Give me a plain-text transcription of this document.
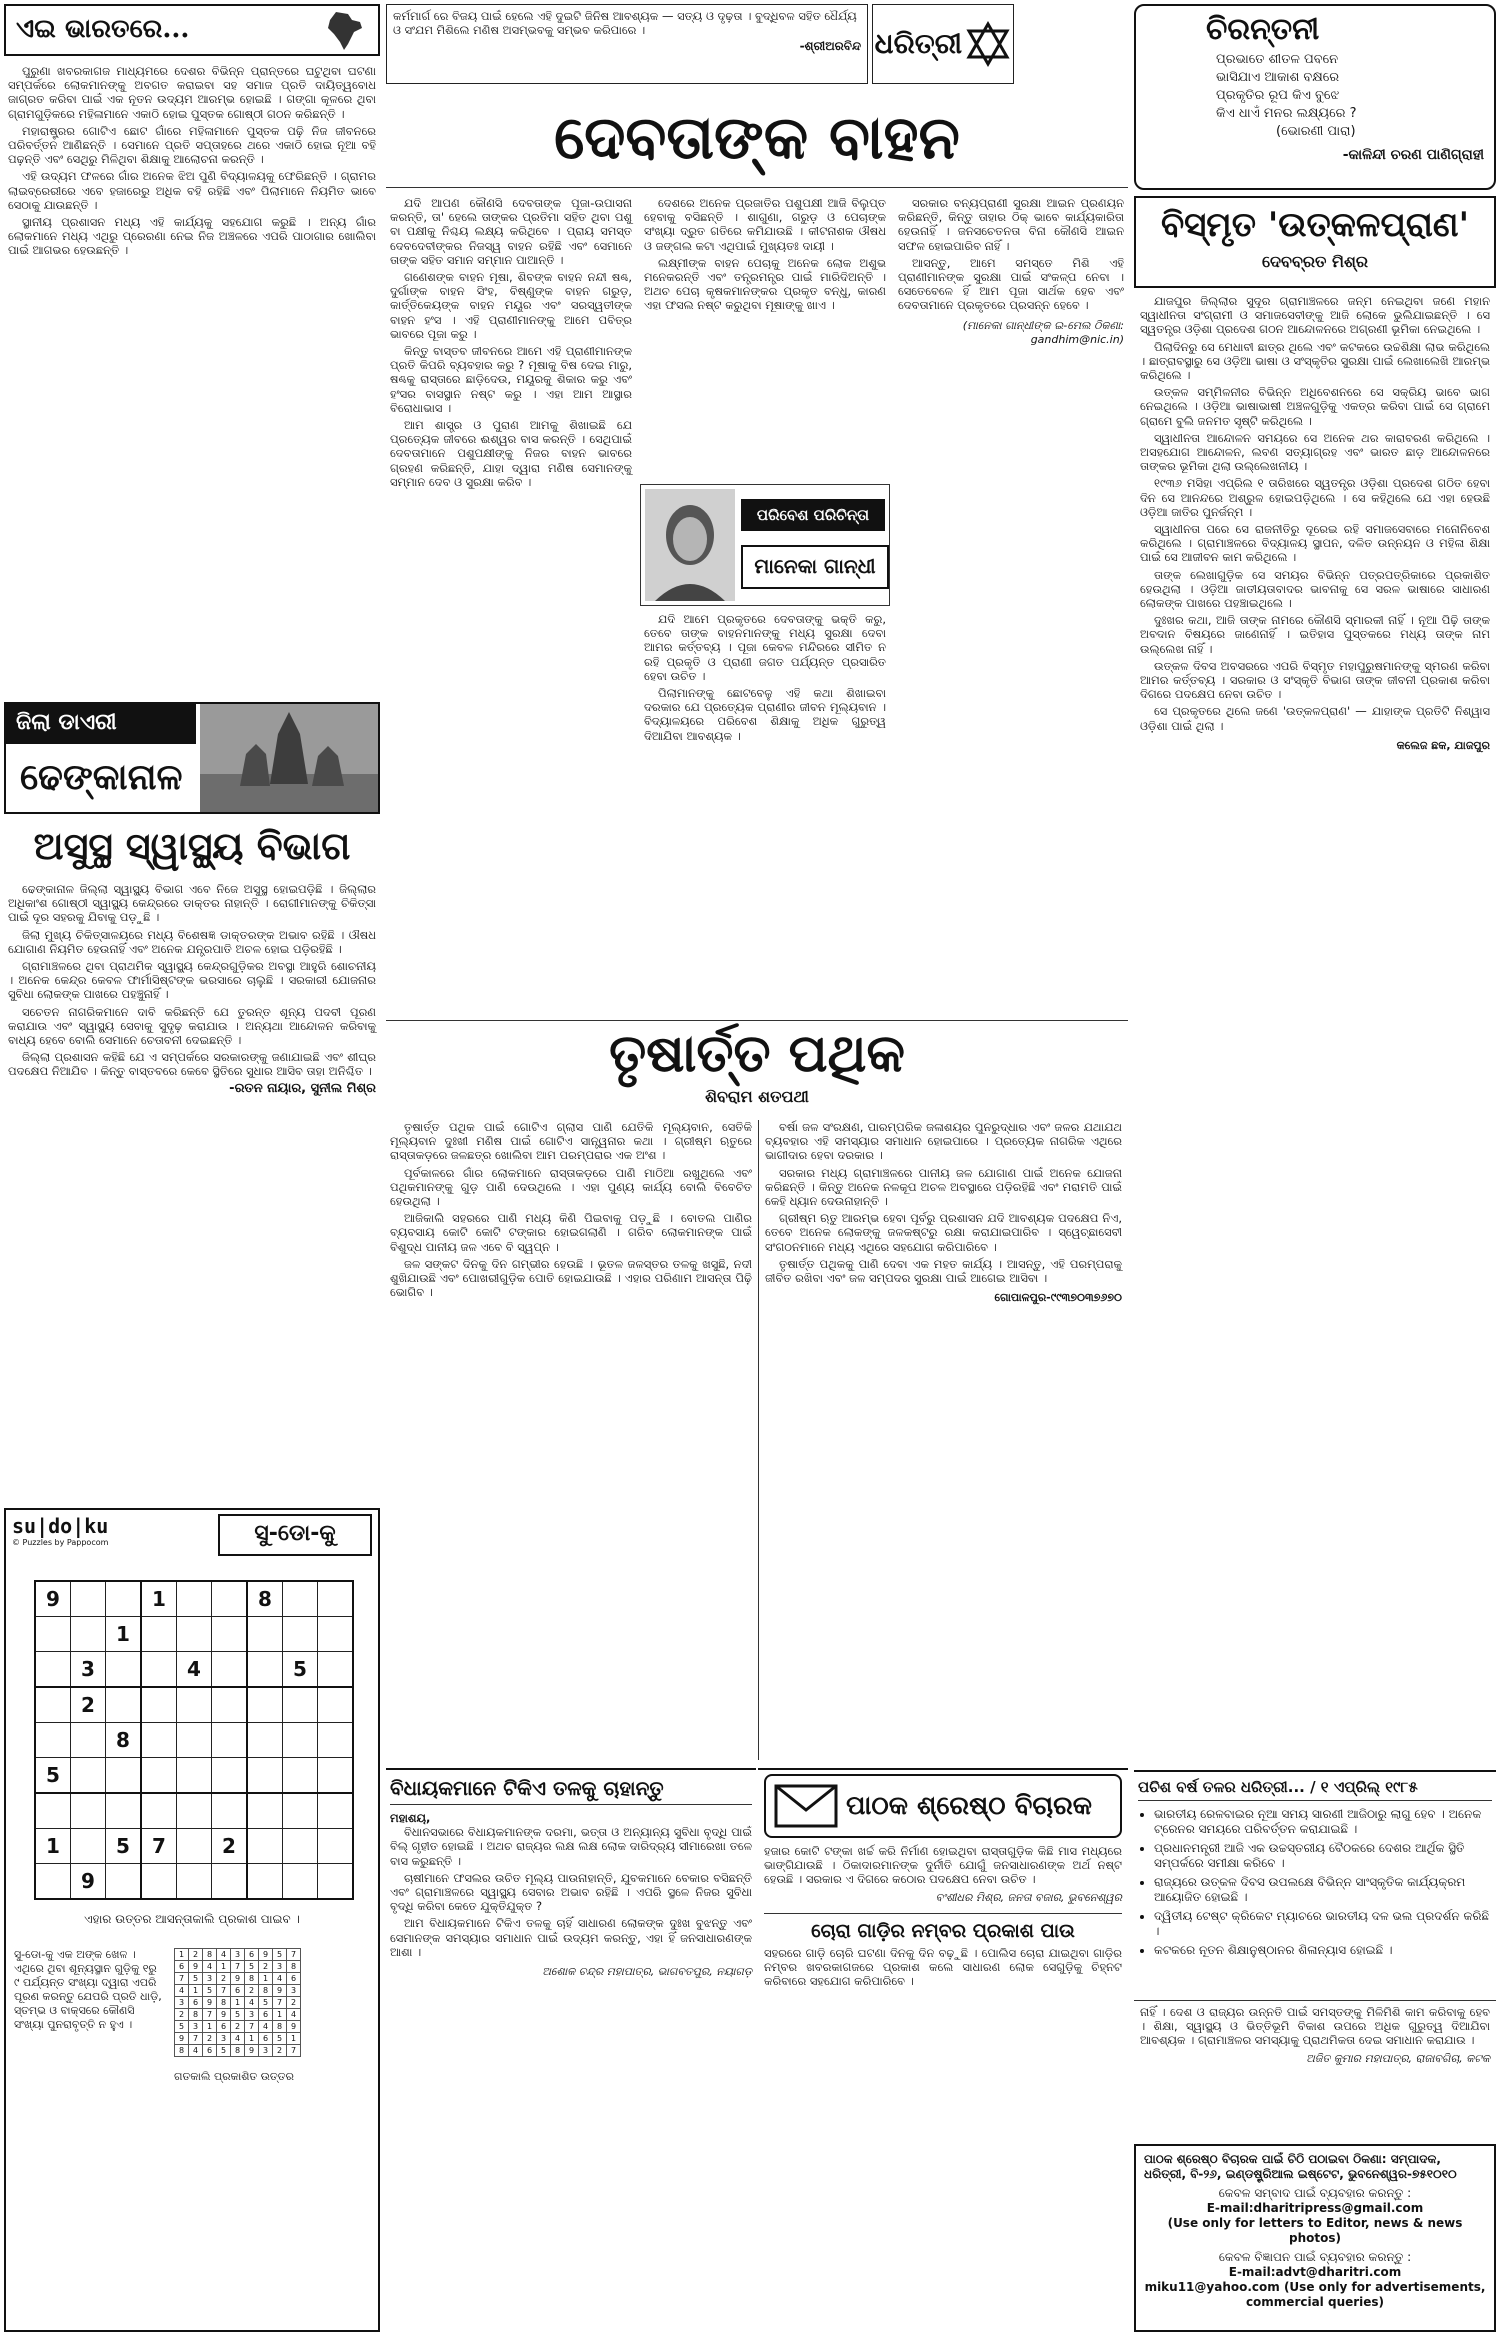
ଏଇ ଭାରତରେ...	କର୍ମମାର୍ଗ ରେ ବିଜୟ ପାଇଁ ହେଲେ ଏହି ଦୁଇଟି ଜିନିଷ ଆବଶ୍ୟକ — ସତ୍ୟ ଓ ଦୃଢ଼ତା । ବୁଦ୍ଧିବଳ ସହିତ ଧୈର୍ଯ୍ୟ ଓ ସଂଯମ ମିଶିଲେ ମଣିଷ ଅସମ୍ଭବକୁ ସମ୍ଭବ କରିପାରେ ।
-ଶ୍ରୀଅରବିନ୍ଦ ଧରିତ୍ରୀ	ଚିରନ୍ତନୀ
ପ୍ରଭାତେ ଶୀତଳ ପବନେ
ଭାସିଯାଏ ଆକାଶ ବକ୍ଷରେ
ପ୍ରକୃତିର ରୂପ କିଏ ବୁଝେ
କିଏ ଧାଏଁ ମନର ଲକ୍ଷ୍ୟରେ ?
(ଭୋରଣୀ ପାରା)
-କାଳିନ୍ଦୀ ଚରଣ ପାଣିଗ୍ରାହୀ

ପୁରୁଣା ଖବରକାଗଜ ମାଧ୍ୟମରେ ଦେଶର ବିଭିନ୍ନ ପ୍ରାନ୍ତରେ ଘଟୁଥିବା ଘଟଣା ସମ୍ପର୍କରେ ଲୋକମାନଙ୍କୁ ଅବଗତ କରାଇବା ସହ ସମାଜ ପ୍ରତି ଦାୟିତ୍ୱବୋଧ ଜାଗ୍ରତ କରିବା ପାଇଁ ଏକ ନୂତନ ଉଦ୍ୟମ ଆରମ୍ଭ ହୋଇଛି । ଗଙ୍ଗା କୂଳରେ ଥିବା ଗ୍ରାମଗୁଡ଼ିକରେ ମହିଳାମାନେ ଏକାଠି ହୋଇ ପୁସ୍ତକ ଗୋଷ୍ଠୀ ଗଠନ କରିଛନ୍ତି ।

ମହାରାଷ୍ଟ୍ରର ଗୋଟିଏ ଛୋଟ ଗାଁରେ ମହିଳାମାନେ ପୁସ୍ତକ ପଢ଼ି ନିଜ ଜୀବନରେ ପରିବର୍ତ୍ତନ ଆଣିଛନ୍ତି । ସେମାନେ ପ୍ରତି ସପ୍ତାହରେ ଥରେ ଏକାଠି ହୋଇ ନୂଆ ବହି ପଢ଼ନ୍ତି ଏବଂ ସେଥିରୁ ମିଳିଥିବା ଶିକ୍ଷାକୁ ଆଲୋଚନା କରନ୍ତି ।

ଏହି ଉଦ୍ୟମ ଫଳରେ ଗାଁର ଅନେକ ଝିଅ ପୁଣି ବିଦ୍ୟାଳୟକୁ ଫେରିଛନ୍ତି । ଗ୍ରାମର ଲାଇବ୍ରେରୀରେ ଏବେ ହଜାରେରୁ ଅଧିକ ବହି ରହିଛି ଏବଂ ପିଲାମାନେ ନିୟମିତ ଭାବେ ସେଠାକୁ ଯାଉଛନ୍ତି ।

ସ୍ଥାନୀୟ ପ୍ରଶାସନ ମଧ୍ୟ ଏହି କାର୍ଯ୍ୟକୁ ସହଯୋଗ କରୁଛି । ଅନ୍ୟ ଗାଁର ଲୋକମାନେ ମଧ୍ୟ ଏଥିରୁ ପ୍ରେରଣା ନେଇ ନିଜ ଅଞ୍ଚଳରେ ଏପରି ପାଠାଗାର ଖୋଲିବା ପାଇଁ ଆଗଭର ହେଉଛନ୍ତି ।

ଜିଲା ଡାଏରୀ
ଢେଙ୍କାନାଳ
ଅସୁସ୍ଥ ସ୍ୱାସ୍ଥ୍ୟ ବିଭାଗ

ଢେଙ୍କାନାଳ ଜିଲ୍ଲା ସ୍ୱାସ୍ଥ୍ୟ ବିଭାଗ ଏବେ ନିଜେ ଅସୁସ୍ଥ ହୋଇପଡ଼ିଛି । ଜିଲ୍ଲାର ଅଧିକାଂଶ ଗୋଷ୍ଠୀ ସ୍ୱାସ୍ଥ୍ୟ କେନ୍ଦ୍ରରେ ଡାକ୍ତର ନାହାନ୍ତି । ରୋଗୀମାନଙ୍କୁ ଚିକିତ୍ସା ପାଇଁ ଦୂର ସହରକୁ ଯିବାକୁ ପଡ଼ୁଛି ।

ଜିଲା ମୁଖ୍ୟ ଚିକିତ୍ସାଳୟରେ ମଧ୍ୟ ବିଶେଷଜ୍ଞ ଡାକ୍ତରଙ୍କ ଅଭାବ ରହିଛି । ଔଷଧ ଯୋଗାଣ ନିୟମିତ ହେଉନାହିଁ ଏବଂ ଅନେକ ଯନ୍ତ୍ରପାତି ଅଚଳ ହୋଇ ପଡ଼ିରହିଛି ।

ଗ୍ରାମାଞ୍ଚଳରେ ଥିବା ପ୍ରାଥମିକ ସ୍ୱାସ୍ଥ୍ୟ କେନ୍ଦ୍ରଗୁଡ଼ିକର ଅବସ୍ଥା ଆହୁରି ଶୋଚନୀୟ । ଅନେକ କେନ୍ଦ୍ର କେବଳ ଫାର୍ମାସିଷ୍ଟଙ୍କ ଭରସାରେ ଚାଲୁଛି । ସରକାରୀ ଯୋଜନାର ସୁବିଧା ଲୋକଙ୍କ ପାଖରେ ପହଞ୍ଚୁନାହିଁ ।

ସଚେତନ ନାଗରିକମାନେ ଦାବି କରିଛନ୍ତି ଯେ ତୁରନ୍ତ ଶୂନ୍ୟ ପଦବୀ ପୂରଣ କରାଯାଉ ଏବଂ ସ୍ୱାସ୍ଥ୍ୟ ସେବାକୁ ସୁଦୃଢ଼ କରାଯାଉ । ଅନ୍ୟଥା ଆନ୍ଦୋଳନ କରିବାକୁ ବାଧ୍ୟ ହେବେ ବୋଲି ସେମାନେ ଚେତାବନୀ ଦେଇଛନ୍ତି ।

ଜିଲ୍ଲା ପ୍ରଶାସନ କହିଛି ଯେ ଏ ସମ୍ପର୍କରେ ସରକାରଙ୍କୁ ଜଣାଯାଇଛି ଏବଂ ଶୀଘ୍ର ପଦକ୍ଷେପ ନିଆଯିବ । କିନ୍ତୁ ବାସ୍ତବରେ କେବେ ସ୍ଥିତିରେ ସୁଧାର ଆସିବ ତାହା ଅନିଶ୍ଚିତ ।

-ରତନ ନାୟାର, ସୁନୀଲ ମିଶ୍ର
su|do|ku
© Puzzles by Pappocom	ସୁ-ଡୋ-କୁ
9			1			8		
		1						
	3			4			5	
	2							
		8						
5								

1		5	7		2			
	9							
ଏହାର ଉତ୍ତର ଆସନ୍ତାକାଲି ପ୍ରକାଶ ପାଇବ ।
ସୁ-ଡୋ-କୁ ଏକ ଅଙ୍କ ଖେଳ । ଏଥିରେ ଥିବା ଶୂନ୍ୟସ୍ଥାନ ଗୁଡ଼ିକୁ ୧ରୁ ୯ ପର୍ଯ୍ୟନ୍ତ ସଂଖ୍ୟା ଦ୍ୱାରା ଏପରି ପୂରଣ କରନ୍ତୁ ଯେପରି ପ୍ରତି ଧାଡ଼ି, ସ୍ତମ୍ଭ ଓ ବାକ୍ସରେ କୌଣସି ସଂଖ୍ୟା ପୁନରାବୃତ୍ତି ନ ହୁଏ ।
1	2	8	4	3	6	9	5	7
6	9	4	1	7	5	2	3	8
7	5	3	2	9	8	1	4	6
4	1	5	7	6	2	8	9	3
3	6	9	8	1	4	5	7	2
2	8	7	9	5	3	6	1	4
5	3	1	6	2	7	4	8	9
9	7	2	3	4	1	6	5	1
8	4	6	5	8	9	3	2	7
ଗତକାଲି ପ୍ରକାଶିତ ଉତ୍ତର
ଦେବତାଙ୍କ ବାହନ

ଯଦି ଆପଣ କୌଣସି ଦେବତାଙ୍କ ପୂଜା-ଉପାସନା କରନ୍ତି, ତା' ହେଲେ ତାଙ୍କର ପ୍ରତିମା ସହିତ ଥିବା ପଶୁ ବା ପକ୍ଷୀକୁ ନିଶ୍ଚୟ ଲକ୍ଷ୍ୟ କରିଥିବେ । ପ୍ରାୟ ସମସ୍ତ ଦେବଦେବୀଙ୍କର ନିଜସ୍ୱ ବାହନ ରହିଛି ଏବଂ ସେମାନେ ତାଙ୍କ ସହିତ ସମାନ ସମ୍ମାନ ପାଆନ୍ତି ।

ଗଣେଶଙ୍କ ବାହନ ମୂଷା, ଶିବଙ୍କ ବାହନ ନନ୍ଦୀ ଷଣ୍ଢ, ଦୁର୍ଗାଙ୍କ ବାହନ ସିଂହ, ବିଷ୍ଣୁଙ୍କ ବାହନ ଗରୁଡ଼, କାର୍ତ୍ତିକେୟଙ୍କ ବାହନ ମୟୂର ଏବଂ ସରସ୍ୱତୀଙ୍କ ବାହନ ହଂସ । ଏହି ପ୍ରାଣୀମାନଙ୍କୁ ଆମେ ପବିତ୍ର ଭାବରେ ପୂଜା କରୁ ।

କିନ୍ତୁ ବାସ୍ତବ ଜୀବନରେ ଆମେ ଏହି ପ୍ରାଣୀମାନଙ୍କ ପ୍ରତି କିପରି ବ୍ୟବହାର କରୁ ? ମୂଷାକୁ ବିଷ ଦେଇ ମାରୁ, ଷଣ୍ଢକୁ ରାସ୍ତାରେ ଛାଡ଼ିଦେଉ, ମୟୂରକୁ ଶିକାର କରୁ ଏବଂ ହଂସର ବାସସ୍ଥାନ ନଷ୍ଟ କରୁ । ଏହା ଆମ ଆସ୍ଥାର ବିରୋଧାଭାସ ।

ଆମ ଶାସ୍ତ୍ର ଓ ପୁରାଣ ଆମକୁ ଶିଖାଇଛି ଯେ ପ୍ରତ୍ୟେକ ଜୀବରେ ଈଶ୍ୱର ବାସ କରନ୍ତି । ସେଥିପାଇଁ ଦେବତାମାନେ ପଶୁପକ୍ଷୀଙ୍କୁ ନିଜର ବାହନ ଭାବରେ ଗ୍ରହଣ କରିଛନ୍ତି, ଯାହା ଦ୍ୱାରା ମଣିଷ ସେମାନଙ୍କୁ ସମ୍ମାନ ଦେବ ଓ ସୁରକ୍ଷା କରିବ ।

ପରିବେଶ ପରିଚିନ୍ତା
ମାନେକା ଗାନ୍ଧୀ

ଦେଶରେ ଅନେକ ପ୍ରଜାତିର ପଶୁପକ୍ଷୀ ଆଜି ବିଲୁପ୍ତ ହେବାକୁ ବସିଛନ୍ତି । ଶାଗୁଣା, ଗରୁଡ଼ ଓ ପେଚାଙ୍କ ସଂଖ୍ୟା ଦ୍ରୁତ ଗତିରେ କମିଯାଉଛି । କୀଟନାଶକ ଔଷଧ ଓ ଜଙ୍ଗଲ କଟା ଏଥିପାଇଁ ମୁଖ୍ୟତଃ ଦାୟୀ ।

ଲକ୍ଷ୍ମୀଙ୍କ ବାହନ ପେଚାକୁ ଅନେକ ଲୋକ ଅଶୁଭ ମନେକରନ୍ତି ଏବଂ ତନ୍ତ୍ରମନ୍ତ୍ର ପାଇଁ ମାରିଦିଅନ୍ତି । ଅଥଚ ପେଚା କୃଷକମାନଙ୍କର ପ୍ରକୃତ ବନ୍ଧୁ, କାରଣ ଏହା ଫସଲ ନଷ୍ଟ କରୁଥିବା ମୂଷାଙ୍କୁ ଖାଏ ।

ଯଦି ଆମେ ପ୍ରକୃତରେ ଦେବତାଙ୍କୁ ଭକ୍ତି କରୁ, ତେବେ ତାଙ୍କ ବାହନମାନଙ୍କୁ ମଧ୍ୟ ସୁରକ୍ଷା ଦେବା ଆମର କର୍ତ୍ତବ୍ୟ । ପୂଜା କେବଳ ମନ୍ଦିରରେ ସୀମିତ ନ ରହି ପ୍ରକୃତି ଓ ପ୍ରାଣୀ ଜଗତ ପର୍ଯ୍ୟନ୍ତ ପ୍ରସାରିତ ହେବା ଉଚିତ ।

ପିଲାମାନଙ୍କୁ ଛୋଟବେଳୁ ଏହି କଥା ଶିଖାଇବା ଦରକାର ଯେ ପ୍ରତ୍ୟେକ ପ୍ରାଣୀର ଜୀବନ ମୂଲ୍ୟବାନ । ବିଦ୍ୟାଳୟରେ ପରିବେଶ ଶିକ୍ଷାକୁ ଅଧିକ ଗୁରୁତ୍ୱ ଦିଆଯିବା ଆବଶ୍ୟକ ।

ସରକାର ବନ୍ୟପ୍ରାଣୀ ସୁରକ୍ଷା ଆଇନ ପ୍ରଣୟନ କରିଛନ୍ତି, କିନ୍ତୁ ତାହାର ଠିକ୍ ଭାବେ କାର୍ଯ୍ୟକାରିତା ହେଉନାହିଁ । ଜନସଚେତନତା ବିନା କୌଣସି ଆଇନ ସଫଳ ହୋଇପାରିବ ନାହିଁ ।

ଆସନ୍ତୁ, ଆମେ ସମସ୍ତେ ମିଶି ଏହି ପ୍ରାଣୀମାନଙ୍କ ସୁରକ୍ଷା ପାଇଁ ସଂକଳ୍ପ ନେବା । ସେତେବେଳେ ହିଁ ଆମ ପୂଜା ସାର୍ଥକ ହେବ ଏବଂ ଦେବତାମାନେ ପ୍ରକୃତରେ ପ୍ରସନ୍ନ ହେବେ ।

(ମାନେକା ଗାନ୍ଧୀଙ୍କ ଇ-ମେଲ ଠିକଣା: gandhim@nic.in)
ତୃଷାର୍ତ୍ତ ପଥିକ
ଶିବରାମ ଶତପଥୀ

ତୃଷାର୍ତ୍ତ ପଥିକ ପାଇଁ ଗୋଟିଏ ଗ୍ଲାସ ପାଣି ଯେତିକି ମୂଲ୍ୟବାନ, ସେତିକି ମୂଲ୍ୟବାନ ଦୁଃଖୀ ମଣିଷ ପାଇଁ ଗୋଟିଏ ସାନ୍ତ୍ୱନାର କଥା । ଗ୍ରୀଷ୍ମ ଋତୁରେ ରାସ୍ତାକଡ଼ରେ ଜଳଛତ୍ର ଖୋଲିବା ଆମ ପରମ୍ପରାର ଏକ ଅଂଶ ।

ପୂର୍ବକାଳରେ ଗାଁର ଲୋକମାନେ ରାସ୍ତାକଡ଼ରେ ପାଣି ମାଠିଆ ରଖୁଥିଲେ ଏବଂ ପଥିକମାନଙ୍କୁ ଗୁଡ଼ ପାଣି ଦେଉଥିଲେ । ଏହା ପୁଣ୍ୟ କାର୍ଯ୍ୟ ବୋଲି ବିବେଚିତ ହେଉଥିଲା ।

ଆଜିକାଲି ସହରରେ ପାଣି ମଧ୍ୟ କିଣି ପିଇବାକୁ ପଡ଼ୁଛି । ବୋତଲ ପାଣିର ବ୍ୟବସାୟ କୋଟି କୋଟି ଟଙ୍କାର ହୋଇଗଲାଣି । ଗରିବ ଲୋକମାନଙ୍କ ପାଇଁ ବିଶୁଦ୍ଧ ପାନୀୟ ଜଳ ଏବେ ବି ସ୍ୱପ୍ନ ।

ଜଳ ସଙ୍କଟ ଦିନକୁ ଦିନ ଗମ୍ଭୀର ହେଉଛି । ଭୂତଳ ଜଳସ୍ତର ତଳକୁ ଖସୁଛି, ନଦୀ ଶୁଖିଯାଉଛି ଏବଂ ପୋଖରୀଗୁଡ଼ିକ ପୋତି ହୋଇଯାଉଛି । ଏହାର ପରିଣାମ ଆସନ୍ତା ପିଢ଼ି ଭୋଗିବ ।

ବର୍ଷା ଜଳ ସଂରକ୍ଷଣ, ପାରମ୍ପରିକ ଜଳାଶୟର ପୁନରୁଦ୍ଧାର ଏବଂ ଜଳର ଯଥାଯଥ ବ୍ୟବହାର ଏହି ସମସ୍ୟାର ସମାଧାନ ହୋଇପାରେ । ପ୍ରତ୍ୟେକ ନାଗରିକ ଏଥିରେ ଭାଗୀଦାର ହେବା ଦରକାର ।

ସରକାର ମଧ୍ୟ ଗ୍ରାମାଞ୍ଚଳରେ ପାନୀୟ ଜଳ ଯୋଗାଣ ପାଇଁ ଅନେକ ଯୋଜନା କରିଛନ୍ତି । କିନ୍ତୁ ଅନେକ ନଳକୂପ ଅଚଳ ଅବସ୍ଥାରେ ପଡ଼ିରହିଛି ଏବଂ ମରାମତି ପାଇଁ କେହି ଧ୍ୟାନ ଦେଉନାହାନ୍ତି ।

ଗ୍ରୀଷ୍ମ ଋତୁ ଆରମ୍ଭ ହେବା ପୂର୍ବରୁ ପ୍ରଶାସନ ଯଦି ଆବଶ୍ୟକ ପଦକ୍ଷେପ ନିଏ, ତେବେ ଅନେକ ଲୋକଙ୍କୁ ଜଳକଷ୍ଟରୁ ରକ୍ଷା କରାଯାଇପାରିବ । ସ୍ୱେଚ୍ଛାସେବୀ ସଂଗଠନମାନେ ମଧ୍ୟ ଏଥିରେ ସହଯୋଗ କରିପାରିବେ ।

ତୃଷାର୍ତ୍ତ ପଥିକକୁ ପାଣି ଦେବା ଏକ ମହତ କାର୍ଯ୍ୟ । ଆସନ୍ତୁ, ଏହି ପରମ୍ପରାକୁ ଜୀବିତ ରଖିବା ଏବଂ ଜଳ ସମ୍ପଦର ସୁରକ୍ଷା ପାଇଁ ଆଗେଇ ଆସିବା ।

ଗୋପାଳପୁର-୯୯୩୭୦୩୭୬୭୦
ବିଧାୟକମାନେ ଟିକିଏ ତଳକୁ ଚାହାନ୍ତୁ
ମହାଶୟ,

ବିଧାନସଭାରେ ବିଧାୟକମାନଙ୍କ ଦରମା, ଭତ୍ତା ଓ ଅନ୍ୟାନ୍ୟ ସୁବିଧା ବୃଦ୍ଧି ପାଇଁ ବିଲ୍ ଗୃହୀତ ହୋଇଛି । ଅଥଚ ରାଜ୍ୟର ଲକ୍ଷ ଲକ୍ଷ ଲୋକ ଦାରିଦ୍ର୍ୟ ସୀମାରେଖା ତଳେ ବାସ କରୁଛନ୍ତି ।

ଚାଷୀମାନେ ଫସଲର ଉଚିତ ମୂଲ୍ୟ ପାଉନାହାନ୍ତି, ଯୁବକମାନେ ବେକାର ବସିଛନ୍ତି ଏବଂ ଗ୍ରାମାଞ୍ଚଳରେ ସ୍ୱାସ୍ଥ୍ୟ ସେବାର ଅଭାବ ରହିଛି । ଏପରି ସ୍ଥଳେ ନିଜର ସୁବିଧା ବୃଦ୍ଧି କରିବା କେତେ ଯୁକ୍ତିଯୁକ୍ତ ?

ଆମ ବିଧାୟକମାନେ ଟିକିଏ ତଳକୁ ଚାହିଁ ସାଧାରଣ ଲୋକଙ୍କ ଦୁଃଖ ବୁଝନ୍ତୁ ଏବଂ ସେମାନଙ୍କ ସମସ୍ୟାର ସମାଧାନ ପାଇଁ ଉଦ୍ୟମ କରନ୍ତୁ, ଏହା ହିଁ ଜନସାଧାରଣଙ୍କ ଆଶା ।

ଅଶୋକ ଚନ୍ଦ୍ର ମହାପାତ୍ର, ଭାଗବତପୁର, ନୟାଗଡ଼
ପାଠକ ଶ୍ରେଷ୍ଠ ବିଚାରକ
ହଜାର କୋଟି ଟଙ୍କା ଖର୍ଚ୍ଚ କରି ନିର୍ମାଣ ହୋଇଥିବା ରାସ୍ତାଗୁଡ଼ିକ କିଛି ମାସ ମଧ୍ୟରେ ଭାଙ୍ଗିଯାଉଛି । ଠିକାଦାରମାନଙ୍କ ଦୁର୍ନୀତି ଯୋଗୁଁ ଜନସାଧାରଣଙ୍କ ଅର୍ଥ ନଷ୍ଟ ହେଉଛି । ସରକାର ଏ ଦିଗରେ କଠୋର ପଦକ୍ଷେପ ନେବା ଉଚିତ ।
ବଂଶୀଧର ମିଶ୍ର, ଜନତା ବଜାର, ଭୁବନେଶ୍ୱର
ଚୋରା ଗାଡ଼ିର ନମ୍ବର ପ୍ରକାଶ ପାଉ
ସହରରେ ଗାଡ଼ି ଚୋରି ଘଟଣା ଦିନକୁ ଦିନ ବଢ଼ୁଛି । ପୋଲିସ ଚୋରା ଯାଇଥିବା ଗାଡ଼ିର ନମ୍ବର ଖବରକାଗଜରେ ପ୍ରକାଶ କଲେ ସାଧାରଣ ଲୋକ ସେଗୁଡ଼ିକୁ ଚିହ୍ନଟ କରିବାରେ ସହଯୋଗ କରିପାରିବେ ।
ବିସ୍ମୃତ 'ଉତ୍କଳପ୍ରାଣ'
ଦେବବ୍ରତ ମିଶ୍ର

ଯାଜପୁର ଜିଲ୍ଲାର ସୁଦୂର ଗ୍ରାମାଞ୍ଚଳରେ ଜନ୍ମ ନେଇଥିବା ଜଣେ ମହାନ ସ୍ୱାଧୀନତା ସଂଗ୍ରାମୀ ଓ ସମାଜସେବୀଙ୍କୁ ଆଜି ଲୋକେ ଭୁଲିଯାଇଛନ୍ତି । ସେ ସ୍ୱତନ୍ତ୍ର ଓଡ଼ିଶା ପ୍ରଦେଶ ଗଠନ ଆନ୍ଦୋଳନରେ ଅଗ୍ରଣୀ ଭୂମିକା ନେଇଥିଲେ ।

ପିଲାଦିନରୁ ସେ ମେଧାବୀ ଛାତ୍ର ଥିଲେ ଏବଂ କଟକରେ ଉଚ୍ଚଶିକ୍ଷା ଲାଭ କରିଥିଲେ । ଛାତ୍ରାବସ୍ଥାରୁ ସେ ଓଡ଼ିଆ ଭାଷା ଓ ସଂସ୍କୃତିର ସୁରକ୍ଷା ପାଇଁ ଲେଖାଲେଖି ଆରମ୍ଭ କରିଥିଲେ ।

ଉତ୍କଳ ସମ୍ମିଳନୀର ବିଭିନ୍ନ ଅଧିବେଶନରେ ସେ ସକ୍ରିୟ ଭାବେ ଭାଗ ନେଇଥିଲେ । ଓଡ଼ିଆ ଭାଷାଭାଷୀ ଅଞ୍ଚଳଗୁଡ଼ିକୁ ଏକତ୍ର କରିବା ପାଇଁ ସେ ଗ୍ରାମେ ଗ୍ରାମେ ବୁଲି ଜନମତ ସୃଷ୍ଟି କରିଥିଲେ ।

ସ୍ୱାଧୀନତା ଆନ୍ଦୋଳନ ସମୟରେ ସେ ଅନେକ ଥର କାରାବରଣ କରିଥିଲେ । ଅସହଯୋଗ ଆନ୍ଦୋଳନ, ଲବଣ ସତ୍ୟାଗ୍ରହ ଏବଂ ଭାରତ ଛାଡ଼ ଆନ୍ଦୋଳନରେ ତାଙ୍କର ଭୂମିକା ଥିଲା ଉଲ୍ଲେଖନୀୟ ।

୧୯୩୬ ମସିହା ଏପ୍ରିଲ ୧ ତାରିଖରେ ସ୍ୱତନ୍ତ୍ର ଓଡ଼ିଶା ପ୍ରଦେଶ ଗଠିତ ହେବା ଦିନ ସେ ଆନନ୍ଦରେ ଅଶ୍ରୁଳ ହୋଇପଡ଼ିଥିଲେ । ସେ କହିଥିଲେ ଯେ ଏହା ହେଉଛି ଓଡ଼ିଆ ଜାତିର ପୁନର୍ଜନ୍ମ ।

ସ୍ୱାଧୀନତା ପରେ ସେ ରାଜନୀତିରୁ ଦୂରେଇ ରହି ସମାଜସେବାରେ ମନୋନିବେଶ କରିଥିଲେ । ଗ୍ରାମାଞ୍ଚଳରେ ବିଦ୍ୟାଳୟ ସ୍ଥାପନ, ଦଳିତ ଉନ୍ନୟନ ଓ ମହିଳା ଶିକ୍ଷା ପାଇଁ ସେ ଆଜୀବନ କାମ କରିଥିଲେ ।

ତାଙ୍କ ଲେଖାଗୁଡ଼ିକ ସେ ସମୟର ବିଭିନ୍ନ ପତ୍ରପତ୍ରିକାରେ ପ୍ରକାଶିତ ହେଉଥିଲା । ଓଡ଼ିଆ ଜାତୀୟତାବାଦର ଭାବନାକୁ ସେ ସରଳ ଭାଷାରେ ସାଧାରଣ ଲୋକଙ୍କ ପାଖରେ ପହଞ୍ଚାଇଥିଲେ ।

ଦୁଃଖର କଥା, ଆଜି ତାଙ୍କ ନାମରେ କୌଣସି ସ୍ମାରକୀ ନାହିଁ । ନୂଆ ପିଢ଼ି ତାଙ୍କ ଅବଦାନ ବିଷୟରେ ଜାଣେନାହିଁ । ଇତିହାସ ପୁସ୍ତକରେ ମଧ୍ୟ ତାଙ୍କ ନାମ ଉଲ୍ଲେଖ ନାହିଁ ।

ଉତ୍କଳ ଦିବସ ଅବସରରେ ଏପରି ବିସ୍ମୃତ ମହାପୁରୁଷମାନଙ୍କୁ ସ୍ମରଣ କରିବା ଆମର କର୍ତ୍ତବ୍ୟ । ସରକାର ଓ ସଂସ୍କୃତି ବିଭାଗ ତାଙ୍କ ଜୀବନୀ ପ୍ରକାଶ କରିବା ଦିଗରେ ପଦକ୍ଷେପ ନେବା ଉଚିତ ।

ସେ ପ୍ରକୃତରେ ଥିଲେ ଜଣେ 'ଉତ୍କଳପ୍ରାଣ' — ଯାହାଙ୍କ ପ୍ରତିଟି ନିଶ୍ୱାସ ଓଡ଼ିଶା ପାଇଁ ଥିଲା ।

କଲେଜ ଛକ, ଯାଜପୁର
ପଚିଶ ବର୍ଷ ତଳର ଧରିତ୍ରୀ... / ୧ ଏପ୍ରିଲ୍ ୧୯୮୫
• ଭାରତୀୟ ରେଳବାଇର ନୂଆ ସମୟ ସାରଣୀ ଆଜିଠାରୁ ଲାଗୁ ହେବ । ଅନେକ ଟ୍ରେନର ସମୟରେ ପରିବର୍ତ୍ତନ କରାଯାଇଛି ।
• ପ୍ରଧାନମନ୍ତ୍ରୀ ଆଜି ଏକ ଉଚ୍ଚସ୍ତରୀୟ ବୈଠକରେ ଦେଶର ଆର୍ଥିକ ସ୍ଥିତି ସମ୍ପର୍କରେ ସମୀକ୍ଷା କରିବେ ।
• ରାଜ୍ୟରେ ଉତ୍କଳ ଦିବସ ଉପଲକ୍ଷେ ବିଭିନ୍ନ ସାଂସ୍କୃତିକ କାର୍ଯ୍ୟକ୍ରମ ଆୟୋଜିତ ହୋଇଛି ।
• ଦ୍ୱିତୀୟ ଟେଷ୍ଟ କ୍ରିକେଟ ମ୍ୟାଚରେ ଭାରତୀୟ ଦଳ ଭଲ ପ୍ରଦର୍ଶନ କରିଛି ।
• କଟକରେ ନୂତନ ଶିକ୍ଷାନୁଷ୍ଠାନର ଶିଳାନ୍ୟାସ ହୋଇଛି ।
ନାହିଁ । ଦେଶ ଓ ରାଜ୍ୟର ଉନ୍ନତି ପାଇଁ ସମସ୍ତଙ୍କୁ ମିଳିମିଶି କାମ କରିବାକୁ ହେବ । ଶିକ୍ଷା, ସ୍ୱାସ୍ଥ୍ୟ ଓ ଭିତ୍ତିଭୂମି ବିକାଶ ଉପରେ ଅଧିକ ଗୁରୁତ୍ୱ ଦିଆଯିବା ଆବଶ୍ୟକ । ଗ୍ରାମାଞ୍ଚଳର ସମସ୍ୟାକୁ ପ୍ରାଥମିକତା ଦେଇ ସମାଧାନ କରାଯାଉ ।
ଅଜିତ କୁମାର ମହାପାତ୍ର, ରାଜାବଗିଚା, କଟକ
ପାଠକ ଶ୍ରେଷ୍ଠ ବିଚାରକ ପାଇଁ ଚିଠି ପଠାଇବା ଠିକଣା: ସମ୍ପାଦକ, ଧରିତ୍ରୀ, ବି-୨୬, ଇଣ୍ଡଷ୍ଟ୍ରିଆଲ ଇଷ୍ଟେଟ, ଭୁବନେଶ୍ୱର-୭୫୧୦୧୦
କେବଳ ସମ୍ବାଦ ପାଇଁ ବ୍ୟବହାର କରନ୍ତୁ :
E-mail:dharitripress@gmail.com
(Use only for letters to Editor, news & news photos)
କେବଳ ବିଜ୍ଞାପନ ପାଇଁ ବ୍ୟବହାର କରନ୍ତୁ :
E-mail:advt@dharitri.com
miku11@yahoo.com (Use only for advertisements, commercial queries)
